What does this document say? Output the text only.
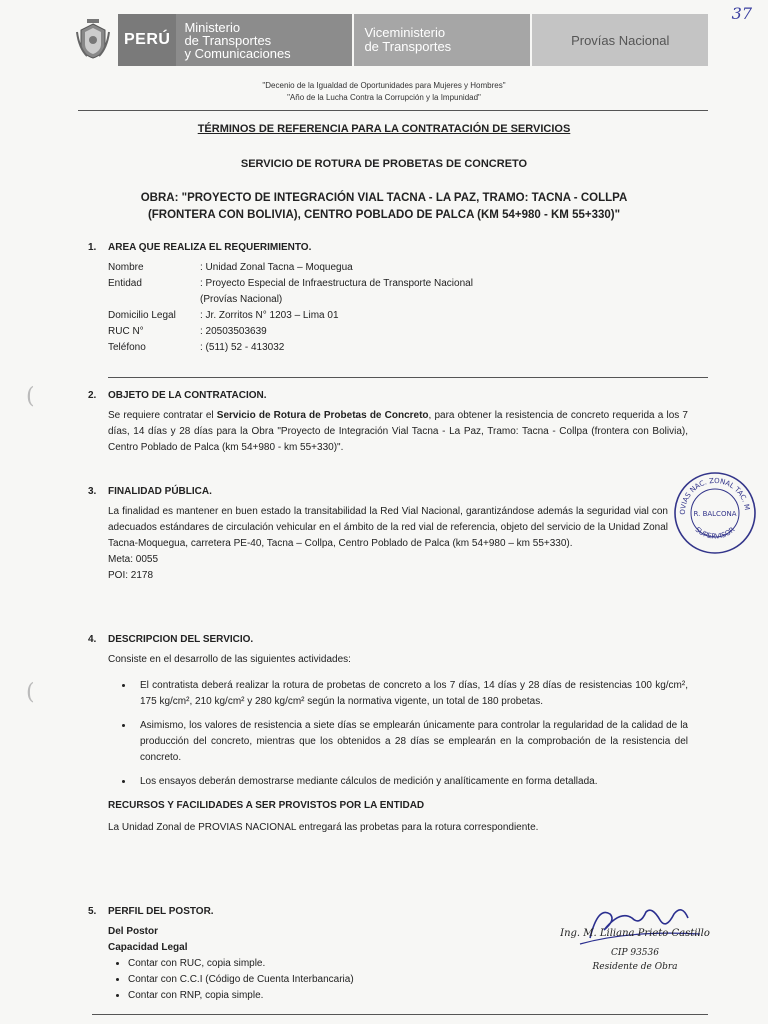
37
PERÚ
Ministerio
de Transportes
y Comunicaciones
Viceministerio
de Transportes	Provías Nacional
"Decenio de la Igualdad de Oportunidades para Mujeres y Hombres"
"Año de la Lucha Contra la Corrupción y la Impunidad"
TÉRMINOS DE REFERENCIA PARA LA CONTRATACIÓN DE SERVICIOS
SERVICIO DE ROTURA DE PROBETAS DE CONCRETO
OBRA: "PROYECTO DE INTEGRACIÓN VIAL TACNA - LA PAZ, TRAMO: TACNA - COLLPA
(FRONTERA CON BOLIVIA), CENTRO POBLADO DE PALCA (KM 54+980 - KM 55+330)"
1. AREA QUE REALIZA EL REQUERIMIENTO.
Nombre	: Unidad Zonal Tacna – Moquegua
Entidad	: Proyecto Especial de Infraestructura de Transporte Nacional
(Provías Nacional)
Domicilio Legal	: Jr. Zorritos N° 1203 – Lima 01
RUC N°	: 20503503639
Teléfono	: (511) 52 - 413032
(	2. OBJETO DE LA CONTRATACION.

Se requiere contratar el Servicio de Rotura de Probetas de Concreto, para obtener la resistencia de concreto requerida a los 7 días, 14 días y 28 días para la Obra "Proyecto de Integración Vial Tacna - La Paz, Tramo: Tacna - Collpa (frontera con Bolivia), Centro Poblado de Palca (km 54+980 - km 55+330)".

3. FINALIDAD PÚBLICA.

La finalidad es mantener en buen estado la transitabilidad la Red Vial Nacional, garantizándose además la seguridad vial con adecuados estándares de circulación vehicular en el ámbito de la red vial de referencia, objeto del servicio de la Unidad Zonal Tacna-Moquegua, carretera PE-40, Tacna – Collpa, Centro Poblado de Palca (km 54+980 – km 55+330).

Meta: 0055
POI: 2178
(
4. DESCRIPCION DEL SERVICIO.

Consiste en el desarrollo de las siguientes actividades:

• El contratista deberá realizar la rotura de probetas de concreto a los 7 días, 14 días y 28 días de resistencias 100 kg/cm², 175 kg/cm², 210 kg/cm² y 280 kg/cm² según la normativa vigente, un total de 180 probetas.
• Asimismo, los valores de resistencia a siete días se emplearán únicamente para controlar la regularidad de la calidad de la producción del concreto, mientras que los obtenidos a 28 días se emplearán en la comprobación de la resistencia del concreto.
• Los ensayos deberán demostrarse mediante cálculos de medición y analíticamente en forma detallada.
RECURSOS Y FACILIDADES A SER PROVISTOS POR LA ENTIDAD

La Unidad Zonal de PROVIAS NACIONAL entregará las probetas para la rotura correspondiente.

5. PERFIL DEL POSTOR.
Del Postor
Capacidad Legal
• Contar con RUC, copia simple.
• Contar con C.C.I (Código de Cuenta Interbancaria)
• Contar con RNP, copia simple.
OVIAS NAC. ZONAL TAC. M
SUPERVISOR
R. BALCONA
Ing. M. Liliana Prieto Castillo
CIP 93536
Residente de Obra
